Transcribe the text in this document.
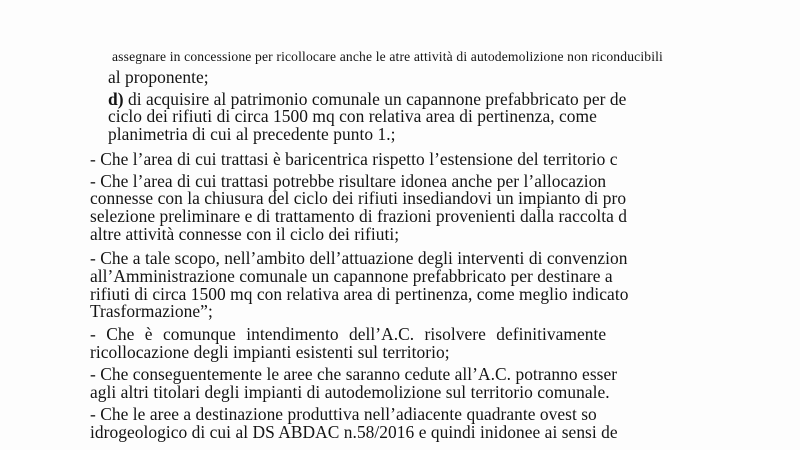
assegnare in concessione per ricollocare anche le atre attività di autodemolizione non riconducibili
al proponente;
d) di acquisire al patrimonio comunale un capannone prefabbricato per de
ciclo dei rifiuti di circa 1500 mq con relativa area di pertinenza, come
planimetria di cui al precedente punto 1.;
- Che l’area di cui trattasi è baricentrica rispetto l’estensione del territorio c
- Che l’area di cui trattasi potrebbe risultare idonea anche per l’allocazion
connesse con la chiusura del ciclo dei rifiuti insediandovi un impianto di pro
selezione preliminare e di trattamento di frazioni provenienti dalla raccolta d
altre attività connesse con il ciclo dei rifiuti;
- Che a tale scopo, nell’ambito dell’attuazione degli interventi di convenzion
all’Amministrazione comunale un capannone prefabbricato per destinare a
rifiuti di circa 1500 mq con relativa area di pertinenza, come meglio indicato
Trasformazione”;
- Che è comunque intendimento dell’A.C. risolvere definitivamente
ricollocazione degli impianti esistenti sul territorio;
- Che conseguentemente le aree che saranno cedute all’A.C. potranno esser
agli altri titolari degli impianti di autodemolizione sul territorio comunale.
- Che le aree a destinazione produttiva nell’adiacente quadrante ovest so
idrogeologico di cui al DS ABDAC n.58/2016 e quindi inidonee ai sensi de
